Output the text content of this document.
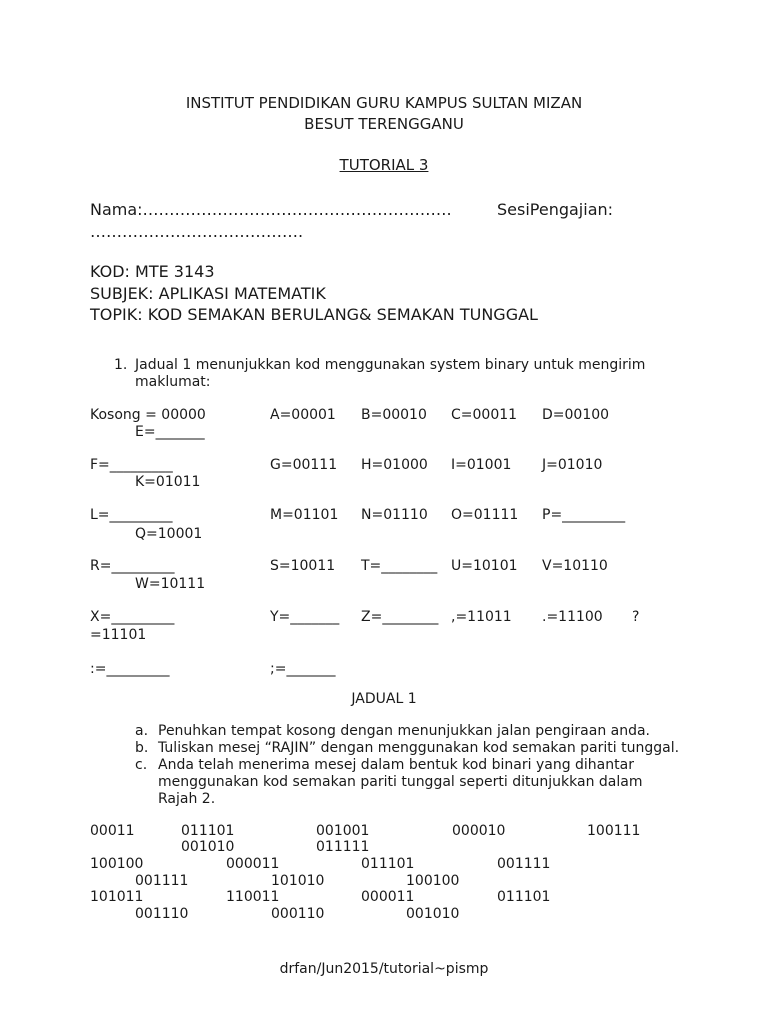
INSTITUT PENDIDIKAN GURU KAMPUS SULTAN MIZAN
BESUT TERENGGANU
TUTORIAL 3
Nama:………………………………………………….	SesiPengajian:
………………………………….
KOD: MTE 3143
SUBJEK: APLIKASI MATEMATIK
TOPIK: KOD SEMAKAN BERULANG& SEMAKAN TUNGGAL
1. Jadual 1 menunjukkan kod menggunakan system binary untuk mengirim
maklumat:
Kosong = 00000	A=00001 B=00010 C=00011 D=00100
E=_______
F=_________	G=00111 H=01000 I=01001 J=01010
K=01011
L=_________	M=01101 N=01110 O=01111 P=_________
Q=10001
R=_________	S=10011 T=________ U=10101 V=10110
W=10111
X=_________	Y=_______ Z=________ ,=11011 .=11100 ?
=11101
:=_________	;=_______
JADUAL 1
a. Penuhkan tempat kosong dengan menunjukkan jalan pengiraan anda.
b. Tuliskan mesej “RAJIN” dengan menggunakan kod semakan pariti tunggal.
c. Anda telah menerima mesej dalam bentuk kod binari yang dihantar
menggunakan kod semakan pariti tunggal seperti ditunjukkan dalam
Rajah 2.
00011	011101	001001	000010	100111
001010	011111
100100	000011	011101	001111
001111	101010	100100
101011	110011	000011	011101
001110	000110	001010
drfan/Jun2015/tutorial~pismp
